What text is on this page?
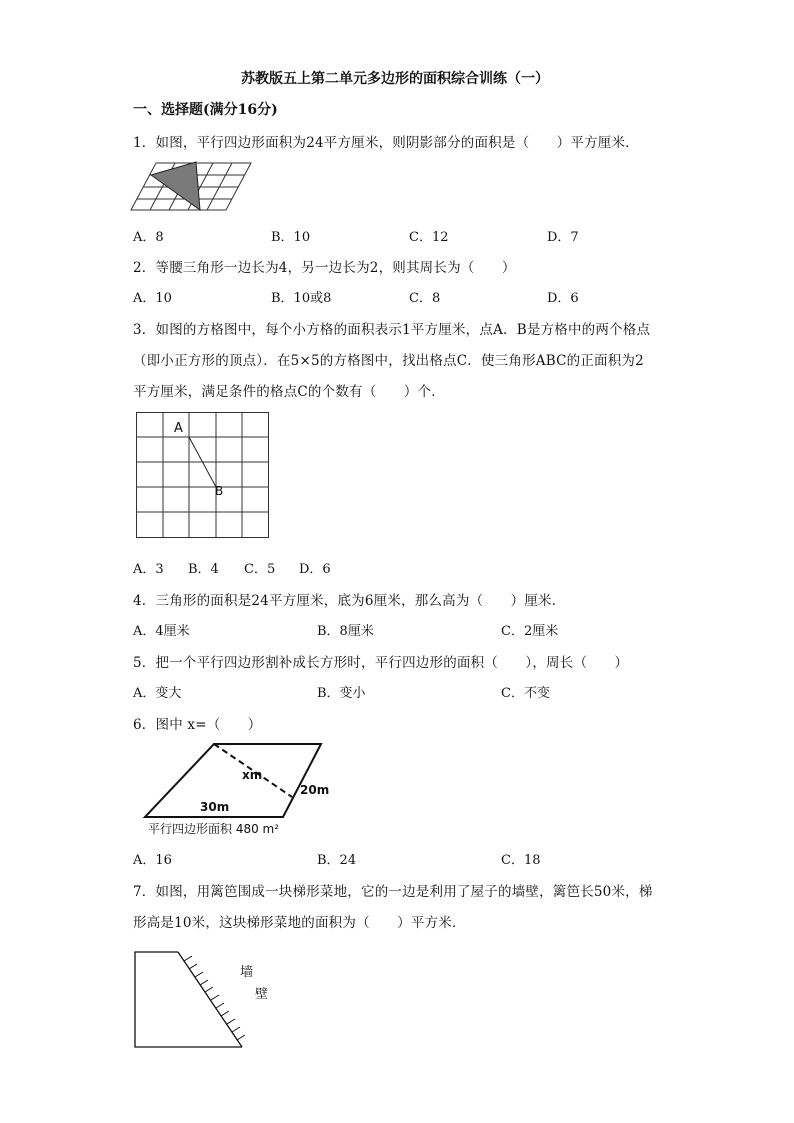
苏教版五上第二单元多边形的面积综合训练（一）
一、选择题(满分16分)
1．如图，平行四边形面积为24平方厘米，则阴影部分的面积是（　　）平方厘米．
A．8	B．10	C．12	D．7
2．等腰三角形一边长为4，另一边长为2，则其周长为（　　）
A．10	B．10或8	C．8	D．6
3．如图的方格图中，每个小方格的面积表示1平方厘米，点A．B是方格中的两个格点
（即小正方形的顶点）．在5×5的方格图中，找出格点C．使三角形ABC的正面积为2
平方厘米，满足条件的格点C的个数有（　　）个．
A
B
A．3 B．4 C．5 D．6
4．三角形的面积是24平方厘米，底为6厘米，那么高为（　　）厘米．
A．4厘米	B．8厘米	C．2厘米
5．把一个平行四边形割补成长方形时，平行四边形的面积（　　），周长（　　）
A．变大	B．变小	C．不变
6．图中 x=（　　）
xm
20m
30m
平行四边形面积 480 m²
A．16	B．24	C．18
7．如图，用篱笆围成一块梯形菜地，它的一边是利用了屋子的墙壁，篱笆长50米，梯
形高是10米，这块梯形菜地的面积为（　　）平方米．
墙
壁
